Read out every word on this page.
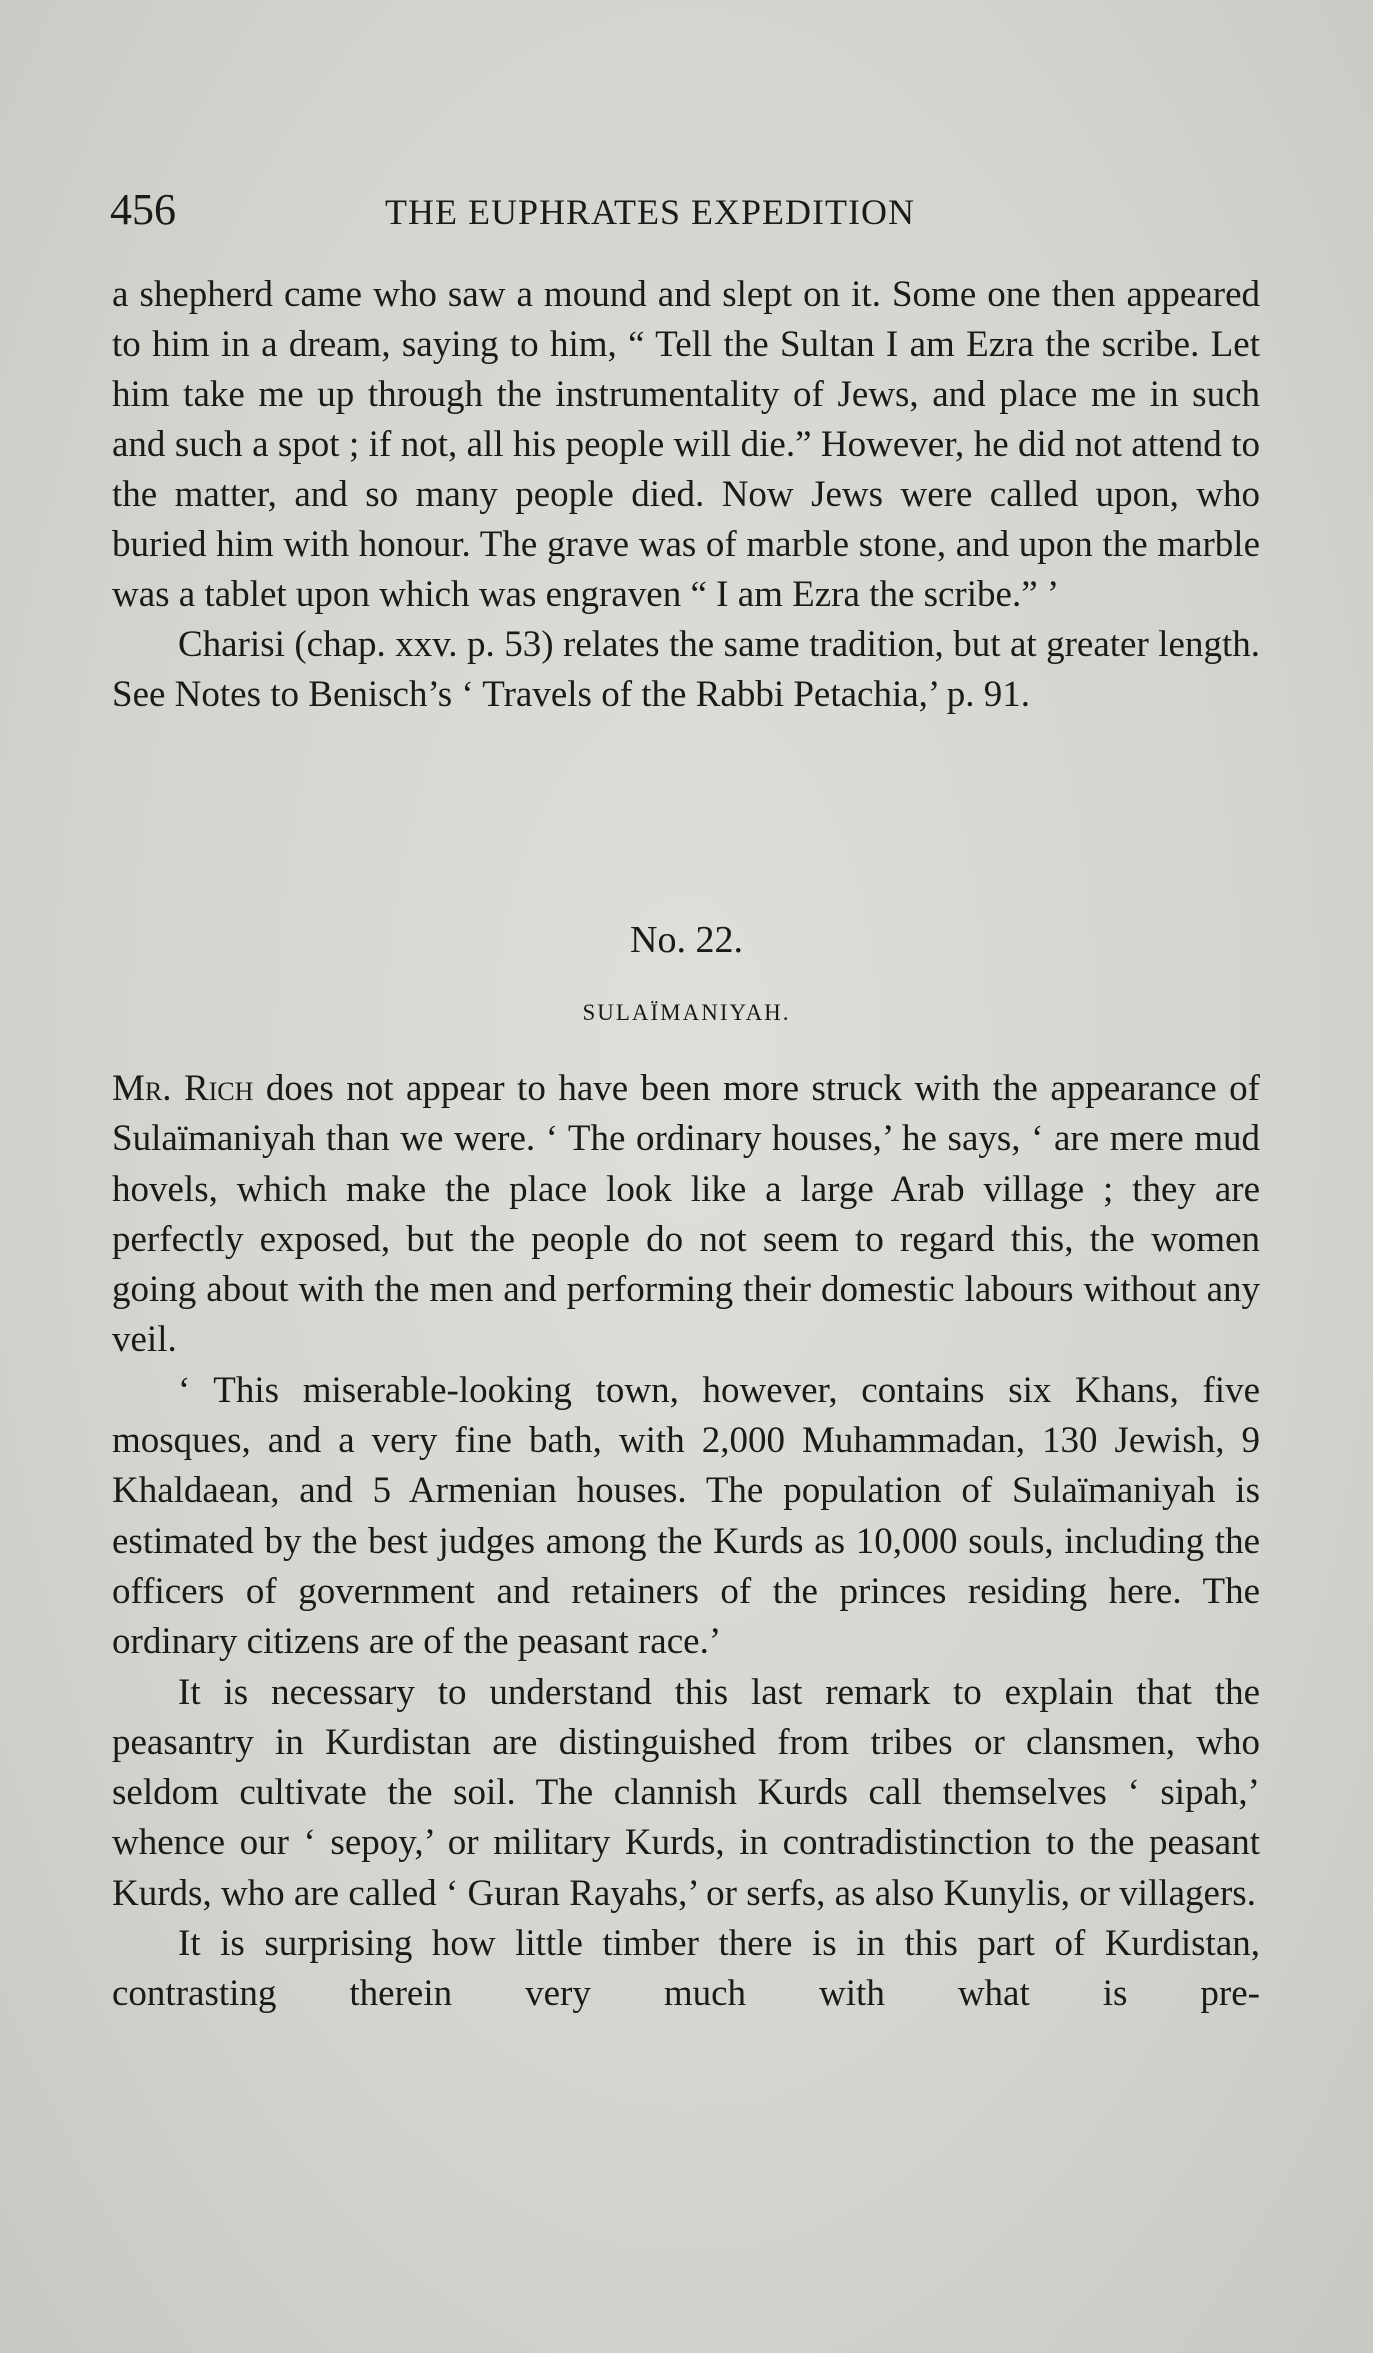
456	THE EUPHRATES EXPEDITION

a shepherd came who saw a mound and slept on it. Some one then appeared to him in a dream, saying to him, “ Tell the Sultan I am Ezra the scribe. Let him take me up through the instrumentality of Jews, and place me in such and such a spot ; if not, all his people will die.” However, he did not attend to the matter, and so many people died. Now Jews were called upon, who buried him with honour. The grave was of marble stone, and upon the marble was a tablet upon which was engraven “ I am Ezra the scribe.” ’

Charisi (chap. xxv. p. 53) relates the same tradition, but at greater length. See Notes to Benisch’s ‘ Travels of the Rabbi Petachia,’ p. 91.

No. 22.
SULAÏMANIYAH.

Mr. Rich does not appear to have been more struck with the appearance of Sulaïmaniyah than we were. ‘ The ordinary houses,’ he says, ‘ are mere mud hovels, which make the place look like a large Arab village ; they are perfectly exposed, but the people do not seem to regard this, the women going about with the men and performing their domestic labours without any veil.

‘ This miserable-looking town, however, contains six Khans, five mosques, and a very fine bath, with 2,000 Muhammadan, 130 Jewish, 9 Khaldaean, and 5 Armenian houses. The population of Sulaïmaniyah is estimated by the best judges among the Kurds as 10,000 souls, including the officers of government and retainers of the princes residing here. The ordinary citizens are of the peasant race.’

It is necessary to understand this last remark to explain that the peasantry in Kurdistan are distinguished from tribes or clansmen, who seldom cultivate the soil. The clannish Kurds call themselves ‘ sipah,’ whence our ‘ sepoy,’ or military Kurds, in contradistinction to the peasant Kurds, who are called ‘ Guran Rayahs,’ or serfs, as also Kunylis, or villagers.

It is surprising how little timber there is in this part of Kurdistan, contrasting therein very much with what is pre-
